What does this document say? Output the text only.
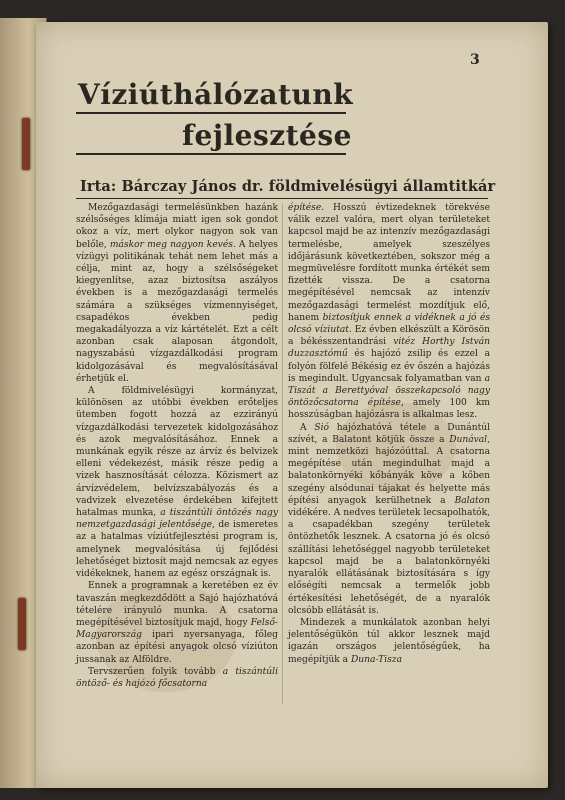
3
Víziúthálózatunk
fejlesztése
Irta: Bárczay János dr. földmivelésügyi államtitkár

Mezőgazdasági termelésünkben hazánk szélsőséges klímája miatt igen sok gondot okoz a víz, mert olykor nagyon sok van belőle, máskor meg nagyon kevés. A helyes vízügyi politikának tehát nem lehet más a célja, mint az, hogy a szélsőségeket kiegyenlítse, azaz biztosítsa aszályos években is a mezőgazdasági termelés számára a szükséges vízmennyiséget, csapadékos években pedig megakadályozza a víz kártételét. Ezt a célt azonban csak alaposan átgondolt, nagyszabású vízgazdálkodási program kidolgozásával és megvalósításával érhetjük el.

A földmivelésügyi kormányzat, különösen az utóbbi években erőteljes ütemben fogott hozzá az ezzirányú vízgazdálkodási tervezetek kidolgozásához és azok megvalósításához. Ennek a munkának egyik része az árvíz és belvizek elleni védekezést, másik része pedig a vizek hasznosítását célozza. Közismert az árvízvédelem, belvízszabályozás és a vadvizek elvezetése érdekében kifejtett hatalmas munka, a tiszántúli öntözés nagy nemzetgazdasági jelentősége, de ismeretes az a hatalmas víziútfejlesztési program is, amelynek megvalósítása új fejlődési lehetőséget biztosít majd nemcsak az egyes vidékeknek, hanem az egész országnak is.

Ennek a programnak a keretében ez év tavaszán megkezdődött a Sajó hajózhatóvá tételére irányuló munka. A csatorna megépítésével biztosítjuk majd, hogy Felső-Magyarország ipari nyersanyaga, főleg azonban az építési anyagok olcsó víziúton jussanak az Alföldre.

Tervszerűen folyik tovább a tiszántúli öntöző- és hajózó főcsatorna

építése. Hosszú évtizedeknek törekvése válik ezzel valóra, mert olyan területeket kapcsol majd be az intenzív mezőgazdasági termelésbe, amelyek szeszélyes időjárásunk következtében, sokszor még a megmüvelésre fordított munka értékét sem fizették vissza. De a csatorna megépítésével nemcsak az intenzív mezőgazdasági termelést mozdítjuk elő, hanem biztosítjuk ennek a vidéknek a jó és olcsó víziutat. Ez évben elkészült a Körösön a békésszentandrási vitéz Horthy István duzzasztómű és hajózó zsilip és ezzel a folyón fölfelé Békésig ez év őszén a hajózás is megindult. Ugyancsak folyamatban van a Tiszát a Berettyóval összekapcsoló nagy öntözőcsatorna építése, amely 100 km hosszúságban hajózásra is alkalmas lesz.

A Sió hajózhatóvá tétele a Dunántúl szívét, a Balatont kötjük össze a Dunával, mint nemzetközi hajózóúttal. A csatorna megépítése után megindulhat majd a balatonkörnyéki kőbányák köve a kőben szegény alsódunai tájakat és helyette más építési anyagok kerülhetnek a Balaton vidékére. A nedves területek lecsapolhatók, a csapadékban szegény területek öntözhetők lesznek. A csatorna jó és olcsó szállítási lehetőséggel nagyobb területeket kapcsol majd be a balatonkörnyéki nyaralók ellátásának biztosítására s így előségíti nemcsak a termelők jobb értékesítési lehetőségét, de a nyaralók olcsóbb ellátását is.

Mindezek a munkálatok azonban helyi jelentőségükön túl akkor lesznek majd igazán országos jelentőségűek, ha megépítjük a Duna-Tisza
